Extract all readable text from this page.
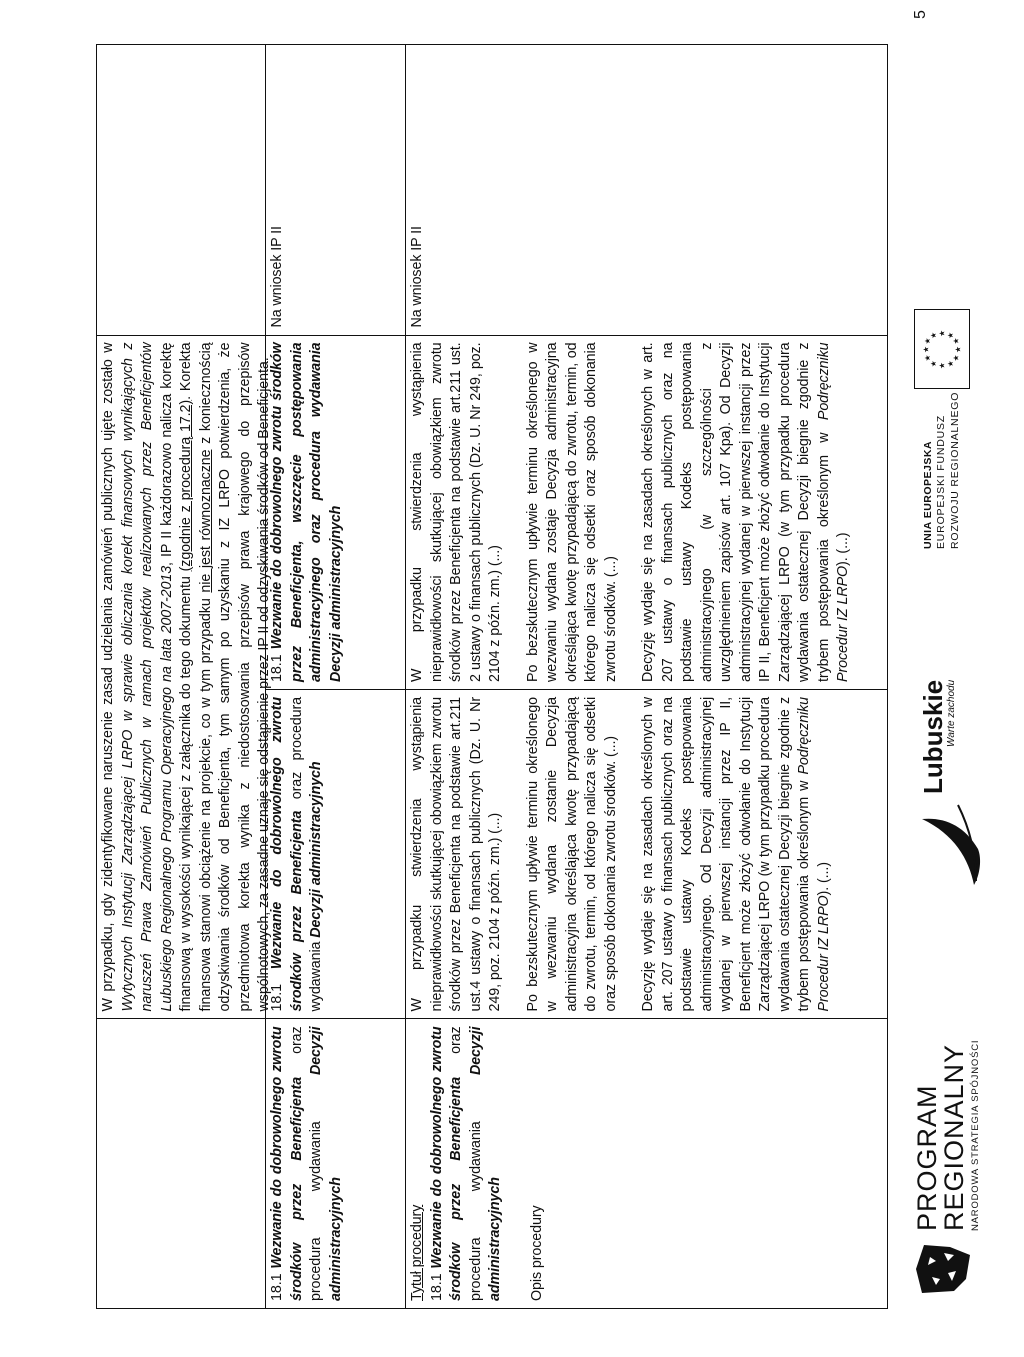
W przypadku, gdy zidentyfikowane naruszenie zasad udzielania zamówień publicznych ujęte zostało w Wytycznych Instytucji Zarządzającej LRPO w sprawie obliczania korekt finansowych wynikających z naruszeń Prawa Zamówień Publicznych w ramach projektów realizowanych przez Beneficjentów Lubuskiego Regionalnego Programu Operacyjnego na lata 2007-2013, IP II każdorazowo nalicza korektę finansową w wysokości wynikającej z załącznika do tego dokumentu (zgodnie z procedurą 17.2). Korekta finansowa stanowi obciążenie na projekcie, co w tym przypadku nie jest równoznaczne z koniecznością odzyskiwania środków od Beneficjenta, tym samym po uzyskaniu z IZ LRPO potwierdzenia, że przedmiotowa korekta wynika z niedostosowania przepisów prawa krajowego do przepisów wspólnotowych, za zasadne uznaje się odstąpienie przez IP II od odzyskiwania środków od Beneficjenta.

18.1 Wezwanie do dobrowolnego zwrotu środków przez Beneficjenta oraz procedura wydawania Decyzji administracyjnych

18.1 Wezwanie do dobrowolnego zwrotu środków przez Beneficjenta oraz procedura wydawania Decyzji administracyjnych

18.1 Wezwanie do dobrowolnego zwrotu środków przez Beneficjenta, wszczęcie postępowania administracyjnego oraz procedura wydawania Decyzji administracyjnych

Na wniosek IP II

Tytuł procedury 18.1 Wezwanie do dobrowolnego zwrotu środków przez Beneficjenta oraz procedura wydawania Decyzji administracyjnych Opis procedury

W przypadku stwierdzenia wystąpienia nieprawidłowości skutkującej obowiązkiem zwrotu środków przez Beneficjenta na podstawie art.211 ust.4 ustawy o finansach publicznych (Dz. U. Nr 249, poz. 2104 z późn. zm.) (...) Po bezskutecznym upływie terminu określonego w wezwaniu wydana zostanie Decyzja administracyjna określająca kwotę przypadającą do zwrotu, termin, od którego nalicza się odsetki oraz sposób dokonania zwrotu środków. (...) Decyzję wydaje się na zasadach określonych w art. 207 ustawy o finansach publicznych oraz na podstawie ustawy Kodeks postępowania administracyjnego. Od Decyzji administracyjnej wydanej w pierwszej instancji przez IP II, Beneficjent może złożyć odwołanie do Instytucji Zarządzającej LRPO (w tym przypadku procedura wydawania ostatecznej Decyzji biegnie zgodnie z trybem postępowania określonym w Podręczniku Procedur IZ LRPO). (...)

W przypadku stwierdzenia wystąpienia nieprawidłowości skutkującej obowiązkiem zwrotu środków przez Beneficjenta na podstawie art.211 ust. 2 ustawy o finansach publicznych (Dz. U. Nr 249, poz. 2104 z późn. zm.) (...) Po bezskutecznym upływie terminu określonego w wezwaniu wydana zostaje Decyzja administracyjna określająca kwotę przypadającą do zwrotu, termin, od którego nalicza się odsetki oraz sposób dokonania zwrotu środków. (...) Decyzję wydaje się na zasadach określonych w art. 207 ustawy o finansach publicznych oraz na podstawie ustawy Kodeks postępowania administracyjnego (w szczególności z uwzględnieniem zapisów art. 107 Kpa). Od Decyzji administracyjnej wydanej w pierwszej instancji przez IP II, Beneficjent może złożyć odwołanie do Instytucji Zarządzającej LRPO (w tym przypadku procedura wydawania ostatecznej Decyzji biegnie zgodnie z trybem postępowania określonym w Podręczniku Procedur IZ LRPO). (...)

Na wniosek IP II

PROGRAM
REGIONALNY NARODOWA STRATEGIA SPÓJNOŚCI
Lubuskie
Warte zachodu
UNIA EUROPEJSKA EUROPEJSKI FUNDUSZ ROZWOJU REGIONALNEGO
★
★
★ ★ ★
★
★
★
★
★
★
★
5
